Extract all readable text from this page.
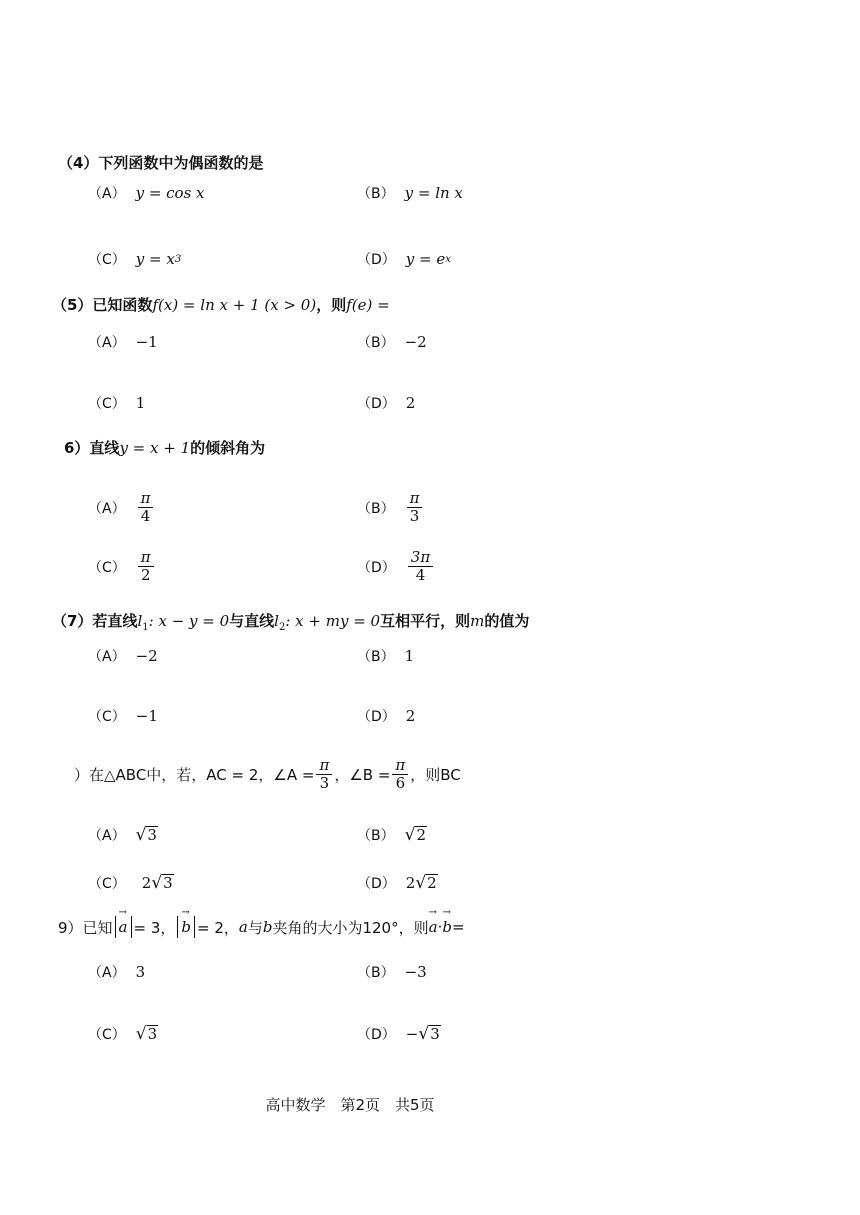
（4）下列函数中为偶函数的是
（A） y = cos x	（B） y = ln x
（C） y = x 3	（D） y = e x
（5）已知函数f(x) = ln x + 1 (x > 0)，则f(e) =
（A） −1	（B） −2
（C） 1	（D） 2
6）直线y = x + 1的倾斜角为
$(A) \frac{\pi}{4}$	$(B) \frac{\pi}{3}$
$(C) \frac{\pi}{2}$	$(D) \frac{3\pi}{4}$
（7）若直线$l_1$: x − y = 0与直线$l_2$: x + my = 0互相平行，则m的值为
（A） −2	（B） 1
（C） −1	（D） 2
）在△ABC中，若，AC = 2，∠A = $\frac{\pi}{3}$ ，∠B = $\frac{\pi}{6}$ ，则BC
（A） √ 3	（B） √ 2
（C） 2 √ 3	（D） 2 √ 2
9）已知 → a = 3， → b = 2， a 与 b 夹角的大小为120°，则 → a · → b =
（A） 3	（B） −3
（C） √ 3	（D） − √ 3
高中数学　第2页　共5页
